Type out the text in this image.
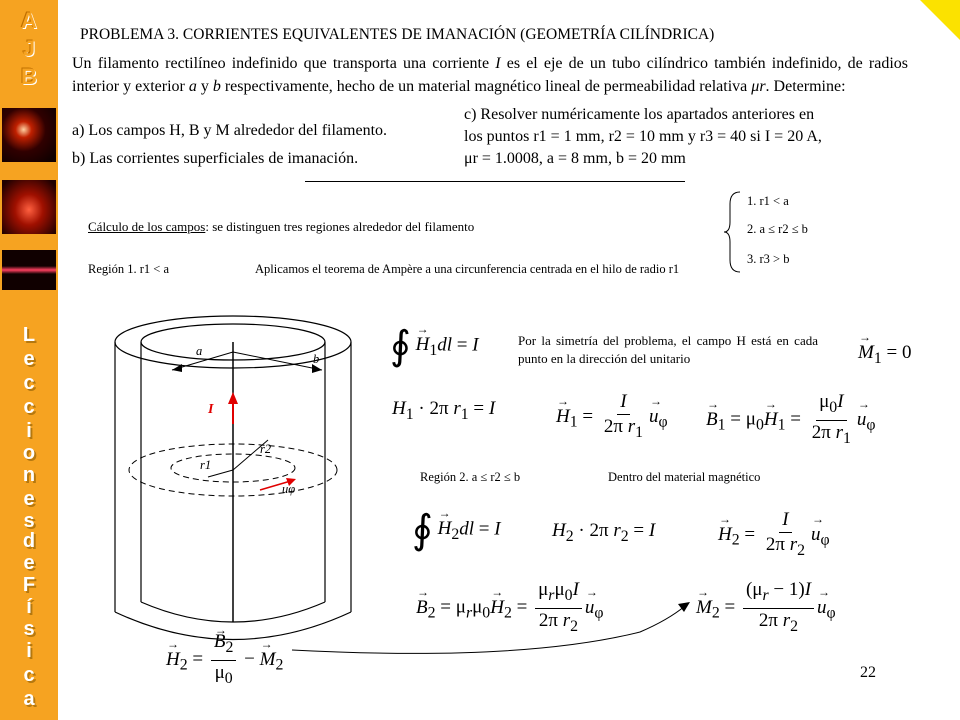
A
J
B
L
e
c
c
i
o
n
e
s
d
e
F
í
s
i
c
a
PROBLEMA 3. CORRIENTES EQUIVALENTES DE IMANACIÓN (GEOMETRÍA CILÍNDRICA)
Un filamento rectilíneo indefinido que transporta una corriente I es el eje de un tubo cilíndrico también indefinido, de radios interior y exterior a y b respectivamente, hecho de un material magnético lineal de permeabilidad relativa μr. Determine:
a) Los campos H, B y M alrededor del filamento.
b) Las corrientes superficiales de imanación.
c) Resolver numéricamente los apartados anteriores en
los puntos r1 = 1 mm, r2 = 10 mm y r3 = 40 si I = 20 A,
μr = 1.0008, a = 8 mm, b = 20 mm
Cálculo de los campos: se distinguen tres regiones alrededor del filamento
1. r1 < a
2. a ≤ r2 ≤ b
3. r3 > b
Región 1. r1 < a	Aplicamos el teorema de Ampère a una circunferencia centrada en el hilo de radio r1
a
b
I
r1
r2
uφ
∮ → $H_1dl = I$	Por la simetría del problema, el campo H está en cada punto en la dirección del unitario
→	$M_1 = 0$
$H_1 \cdot 2\pi$ $r_1 = I$
→	$H_1 = \frac{I}{2\pi r_1}$
→ $u_\varphi$
→ $B_1 = \mu_0\to H_1 = \frac{\mu_0I}{2\pi r_1}$
→ $u_\varphi$
Región 2. a ≤ r2 ≤ b	Dentro del material magnético
∮ → $H_2dl = I$	$H_2 \cdot 2\pi$ $r_2 = I$
→	$H_2 = \frac{I}{2\pi r_2}$
→ $u_\varphi$
→ $B_2 = \mu_r\mu_0\to H_2 = \frac{\mu_r\mu_0I}{2\pi r_2}$
→ $u_\varphi$
→	$M_2 = \frac{(\mu_r - 1)I}{2\pi r_2}$
→ $u_\varphi$
→ $H_2$ =
→ $\frac{B_2}{\mu_0}$ − → $M_2$	22
